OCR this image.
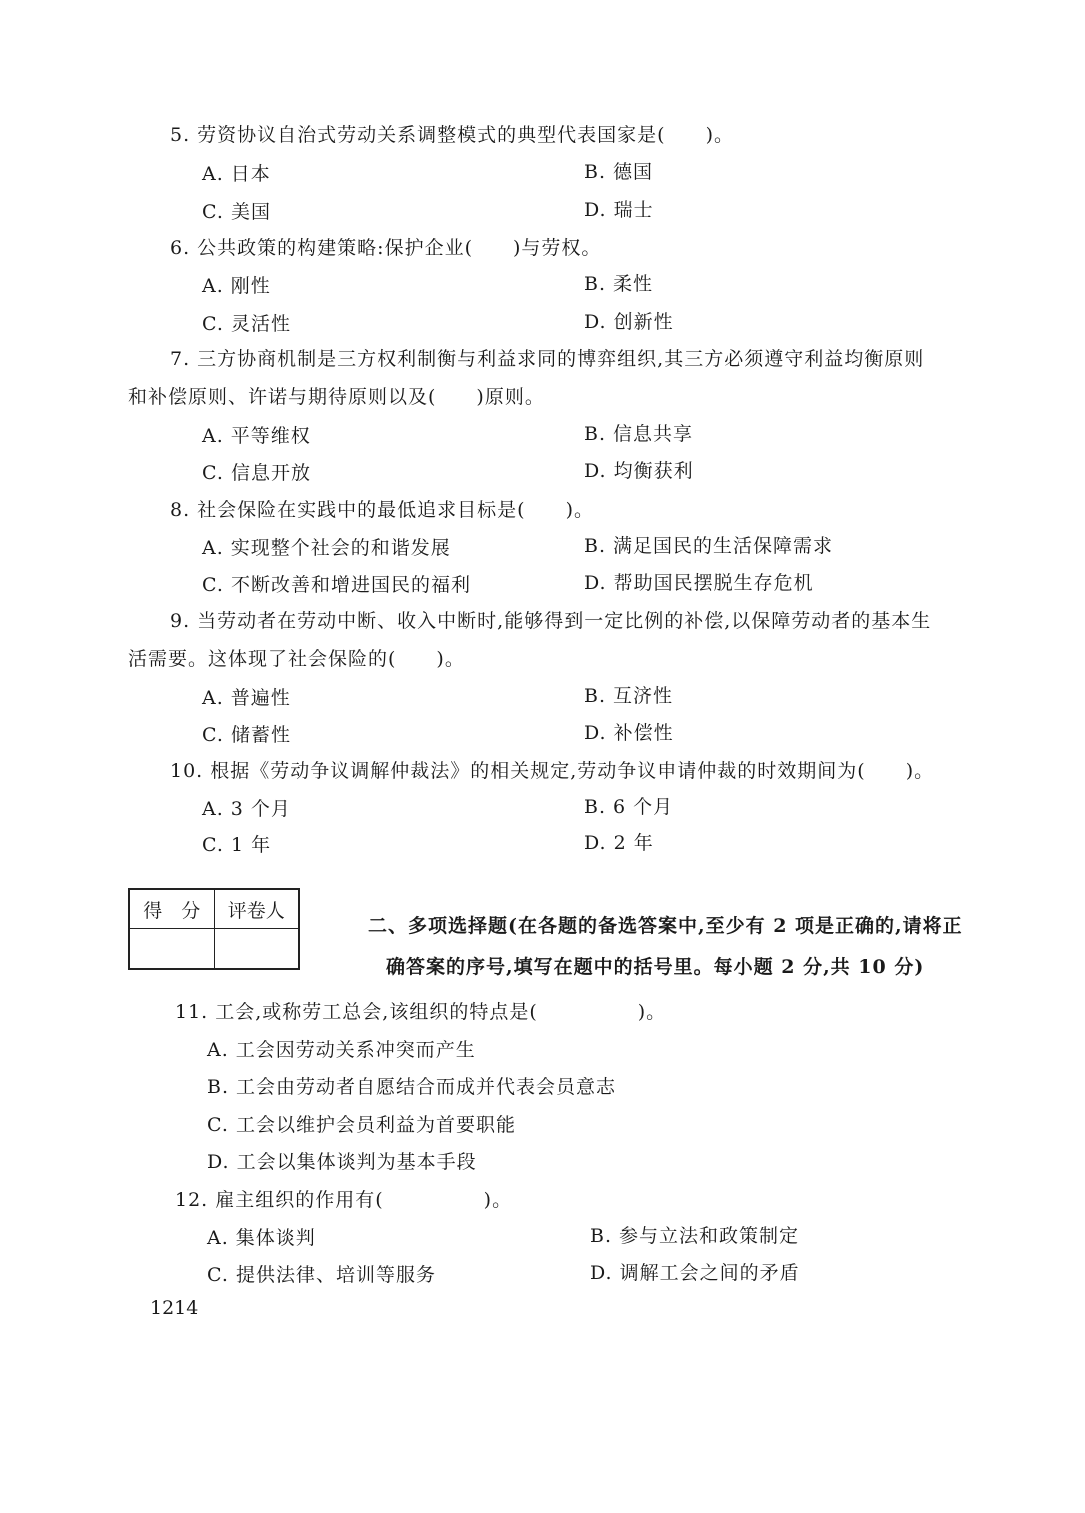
5. 劳资协议自治式劳动关系调整模式的典型代表国家是(　　)。
A. 日本	B. 德国
C. 美国	D. 瑞士
6. 公共政策的构建策略:保护企业(　　)与劳权。
A. 刚性	B. 柔性
C. 灵活性	D. 创新性
7. 三方协商机制是三方权利制衡与利益求同的博弈组织,其三方必须遵守利益均衡原则
和补偿原则、许诺与期待原则以及(　　)原则。
A. 平等维权	B. 信息共享
C. 信息开放	D. 均衡获利
8. 社会保险在实践中的最低追求目标是(　　)。
A. 实现整个社会的和谐发展	B. 满足国民的生活保障需求
C. 不断改善和增进国民的福利	D. 帮助国民摆脱生存危机
9. 当劳动者在劳动中断、收入中断时,能够得到一定比例的补偿,以保障劳动者的基本生
活需要。这体现了社会保险的(　　)。
A. 普遍性	B. 互济性
C. 储蓄性	D. 补偿性
10. 根据《劳动争议调解仲裁法》的相关规定,劳动争议申请仲裁的时效期间为(　　)。
A. 3 个月	B. 6 个月
C. 1 年	D. 2 年
得　分	评卷人

二、多项选择题(在各题的备选答案中,至少有 2 项是正确的,请将正
确答案的序号,填写在题中的括号里。每小题 2 分,共 10 分)
11. 工会,或称劳工总会,该组织的特点是(　　　　　)。
A. 工会因劳动关系冲突而产生
B. 工会由劳动者自愿结合而成并代表会员意志
C. 工会以维护会员利益为首要职能
D. 工会以集体谈判为基本手段
12. 雇主组织的作用有(　　　　　)。
A. 集体谈判	B. 参与立法和政策制定
C. 提供法律、培训等服务	D. 调解工会之间的矛盾
1214
